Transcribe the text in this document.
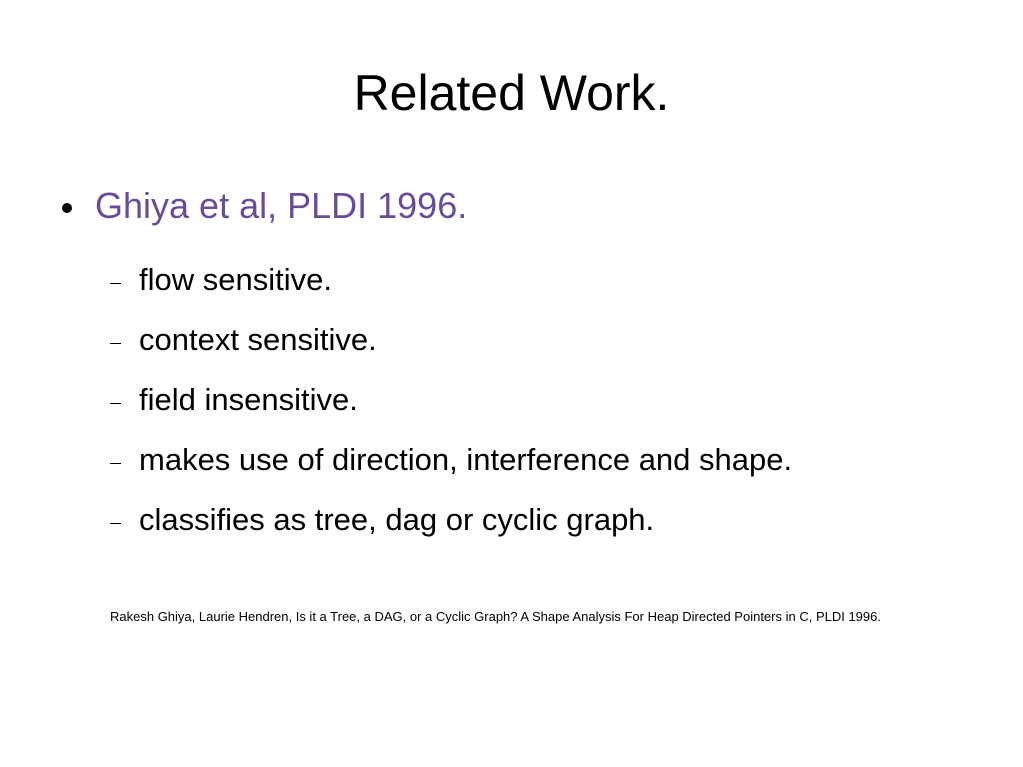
Related Work.
Ghiya et al, PLDI 1996.
flow sensitive.
context sensitive.
field insensitive.
makes use of direction, interference and shape.
classifies as tree, dag or cyclic graph.
Rakesh Ghiya, Laurie Hendren, Is it a Tree, a DAG, or a Cyclic Graph? A Shape Analysis For Heap Directed Pointers in C, PLDI 1996.
